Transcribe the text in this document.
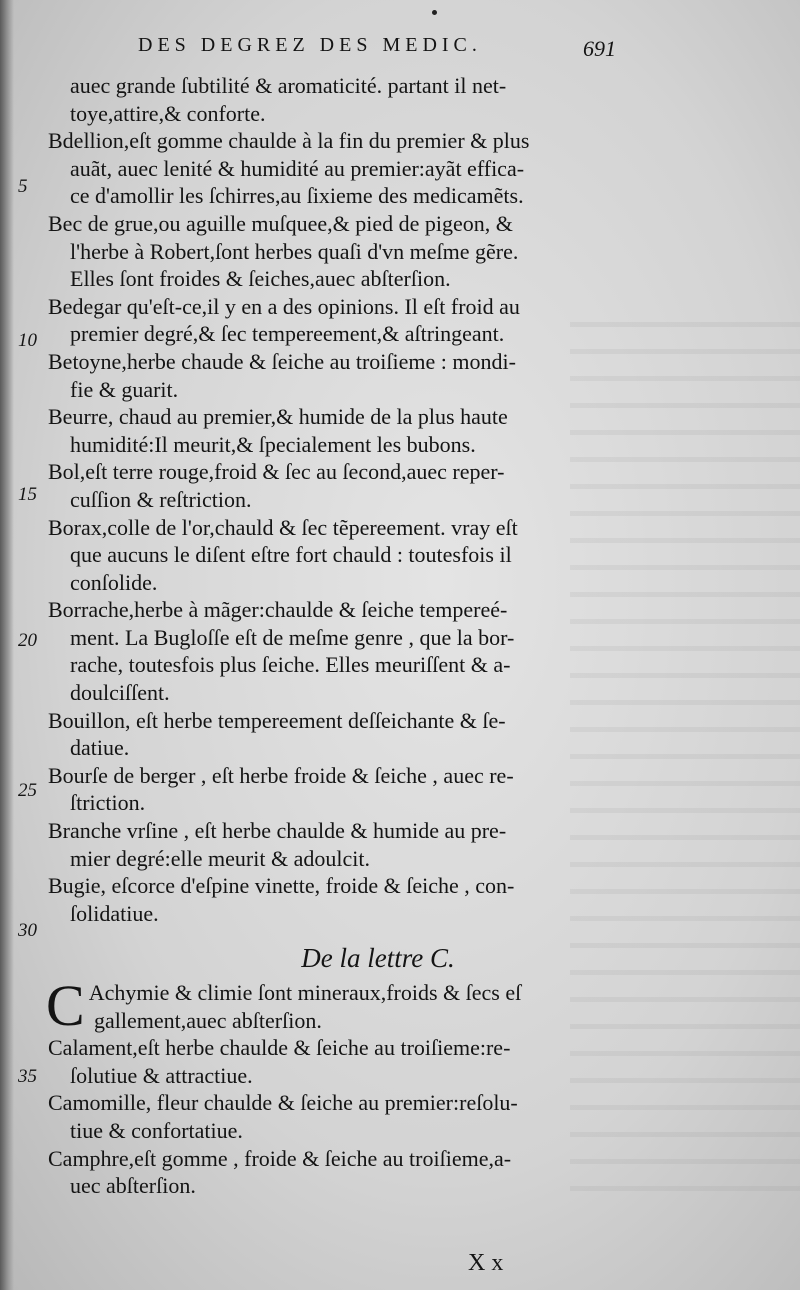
DES DEGREZ DES MEDIC.	691
5
10
15
20
25
30
35
auec grande ſubtilité & aromaticité. partant il net-
toye,attire,& conforte.
Bdellion,eſt gomme chaulde à la fin du premier & plus
auãt, auec lenité & humidité au premier:ayãt effica-
ce d'amollir les ſchirres,au ſixieme des medicamẽts.
Bec de grue,ou aguille muſquee,& pied de pigeon, &
l'herbe à Robert,ſont herbes quaſi d'vn meſme gẽre.
Elles ſont froides & ſeiches,auec abſterſion.
Bedegar qu'eſt-ce,il y en a des opinions. Il eſt froid au
premier degré,& ſec tempereement,& aſtringeant.
Betoyne,herbe chaude & ſeiche au troiſieme : mondi-
fie & guarit.
Beurre, chaud au premier,& humide de la plus haute
humidité:Il meurit,& ſpecialement les bubons.
Bol,eſt terre rouge,froid & ſec au ſecond,auec reper-
cuſſion & reſtriction.
Borax,colle de l'or,chauld & ſec tẽpereement. vray eſt
que aucuns le diſent eſtre fort chauld : toutesfois il
conſolide.
Borrache,herbe à mãger:chaulde & ſeiche tempereé-
ment. La Bugloſſe eſt de meſme genre , que la bor-
rache, toutesfois plus ſeiche. Elles meuriſſent & a-
doulciſſent.
Bouillon, eſt herbe tempereement deſſeichante & ſe-
datiue.
Bourſe de berger , eſt herbe froide & ſeiche , auec re-
ſtriction.
Branche vrſine , eſt herbe chaulde & humide au pre-
mier degré:elle meurit & adoulcit.
Bugie, eſcorce d'eſpine vinette, froide & ſeiche , con-
ſolidatiue.
De la lettre C.
C Achymie & climie ſont mineraux,froids & ſecs eſ
gallement,auec abſterſion.
Calament,eſt herbe chaulde & ſeiche au troiſieme:re-
ſolutiue & attractiue.
Camomille, fleur chaulde & ſeiche au premier:reſolu-
tiue & confortatiue.
Camphre,eſt gomme , froide & ſeiche au troiſieme,a-
uec abſterſion.
Xx
